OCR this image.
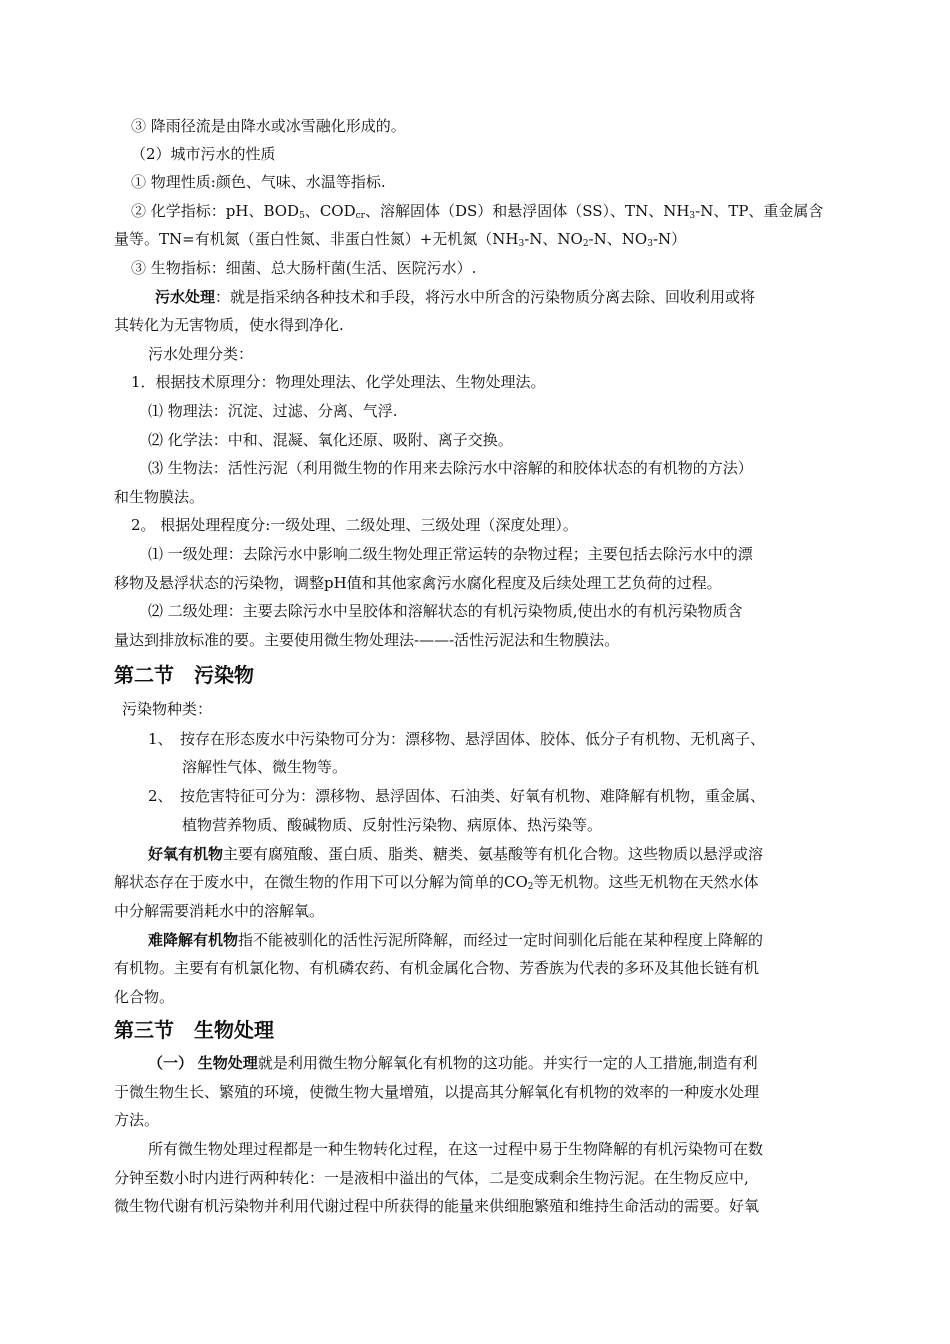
③ 降雨径流是由降水或冰雪融化形成的。
（2）城市污水的性质
① 物理性质:颜色、气味、水温等指标.
② 化学指标：pH、$BOD_5$、$COD_{cr}$、溶解固体（DS）和悬浮固体（SS）、TN、$NH_3-N$、TP、重金属含
量等。TN=有机氮（蛋白性氮、非蛋白性氮）+无机氮（$NH_3-N$、$NO_2-N$、$NO_3-N$）
③ 生物指标：细菌、总大肠杆菌(生活、医院污水）.
污水处理：就是指采纳各种技术和手段，将污水中所含的污染物质分离去除、回收利用或将
其转化为无害物质，使水得到净化.
污水处理分类：
1．根据技术原理分：物理处理法、化学处理法、生物处理法。
⑴ 物理法：沉淀、过滤、分离、气浮.
⑵ 化学法：中和、混凝、氧化还原、吸附、离子交换。
⑶ 生物法：活性污泥（利用微生物的作用来去除污水中溶解的和胶体状态的有机物的方法）
和生物膜法。
2。 根据处理程度分:一级处理、二级处理、三级处理（深度处理）。
⑴ 一级处理：去除污水中影响二级生物处理正常运转的杂物过程；主要包括去除污水中的漂
移物及悬浮状态的污染物，调整pH值和其他家禽污水腐化程度及后续处理工艺负荷的过程。
⑵ 二级处理：主要去除污水中呈胶体和溶解状态的有机污染物质,使出水的有机污染物质含
量达到排放标准的要。主要使用微生物处理法-——-活性污泥法和生物膜法。
第二节　污染物
污染物种类：
1、　按存在形态废水中污染物可分为：漂移物、悬浮固体、胶体、低分子有机物、无机离子、
溶解性气体、微生物等。
2、　按危害特征可分为：漂移物、悬浮固体、石油类、好氧有机物、难降解有机物，重金属、
植物营养物质、酸碱物质、反射性污染物、病原体、热污染等。
好氧有机物主要有腐殖酸、蛋白质、脂类、糖类、氨基酸等有机化合物。这些物质以悬浮或溶
解状态存在于废水中，在微生物的作用下可以分解为简单的$CO_2$等无机物。这些无机物在天然水体
中分解需要消耗水中的溶解氧。
难降解有机物指不能被驯化的活性污泥所降解，而经过一定时间驯化后能在某种程度上降解的
有机物。主要有有机氯化物、有机磷农药、有机金属化合物、芳香族为代表的多环及其他长链有机
化合物。
第三节　生物处理
（一） 生物处理就是利用微生物分解氧化有机物的这功能。并实行一定的人工措施,制造有利
于微生物生长、繁殖的环境，使微生物大量增殖，以提高其分解氧化有机物的效率的一种废水处理
方法。
所有微生物处理过程都是一种生物转化过程，在这一过程中易于生物降解的有机污染物可在数
分钟至数小时内进行两种转化：一是液相中溢出的气体，二是变成剩余生物污泥。在生物反应中,
微生物代谢有机污染物并利用代谢过程中所获得的能量来供细胞繁殖和维持生命活动的需要。好氧
